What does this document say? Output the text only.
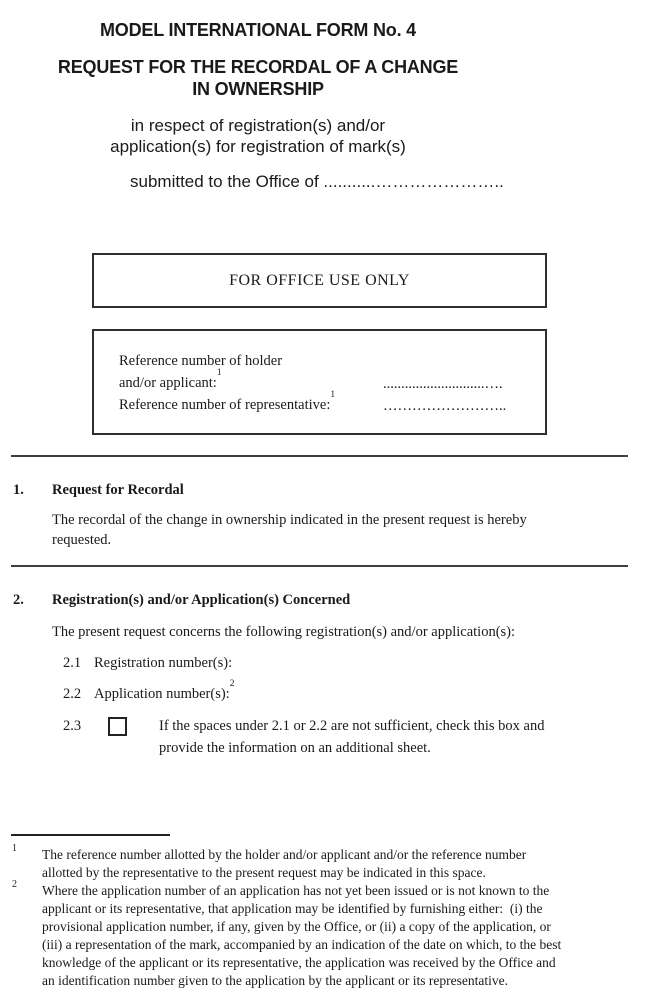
MODEL INTERNATIONAL FORM No. 4
REQUEST FOR THE RECORDAL OF A CHANGE
IN OWNERSHIP
in respect of registration(s) and/or
application(s) for registration of mark(s)
submitted to the Office of ...........…………………..
FOR OFFICE USE ONLY
Reference number of holder
and/or applicant:$^1$
Reference number of representative:$^1$
............................….
……………………..
1. Request for Recordal
The recordal of the change in ownership indicated in the present request is hereby
requested.
2. Registration(s) and/or Application(s) Concerned
The present request concerns the following registration(s) and/or application(s):
2.1 Registration number(s):
2.2 Application number(s):$^2$
2.3	If the spaces under 2.1 or 2.2 are not sufficient, check this box and
provide the information on an additional sheet.
1 The reference number allotted by the holder and/or applicant and/or the reference number
allotted by the representative to the present request may be indicated in this space.
2 Where the application number of an application has not yet been issued or is not known to the
applicant or its representative, that application may be identified by furnishing either:  (i) the
provisional application number, if any, given by the Office, or (ii) a copy of the application, or
(iii) a representation of the mark, accompanied by an indication of the date on which, to the best
knowledge of the applicant or its representative, the application was received by the Office and
an identification number given to the application by the applicant or its representative.
